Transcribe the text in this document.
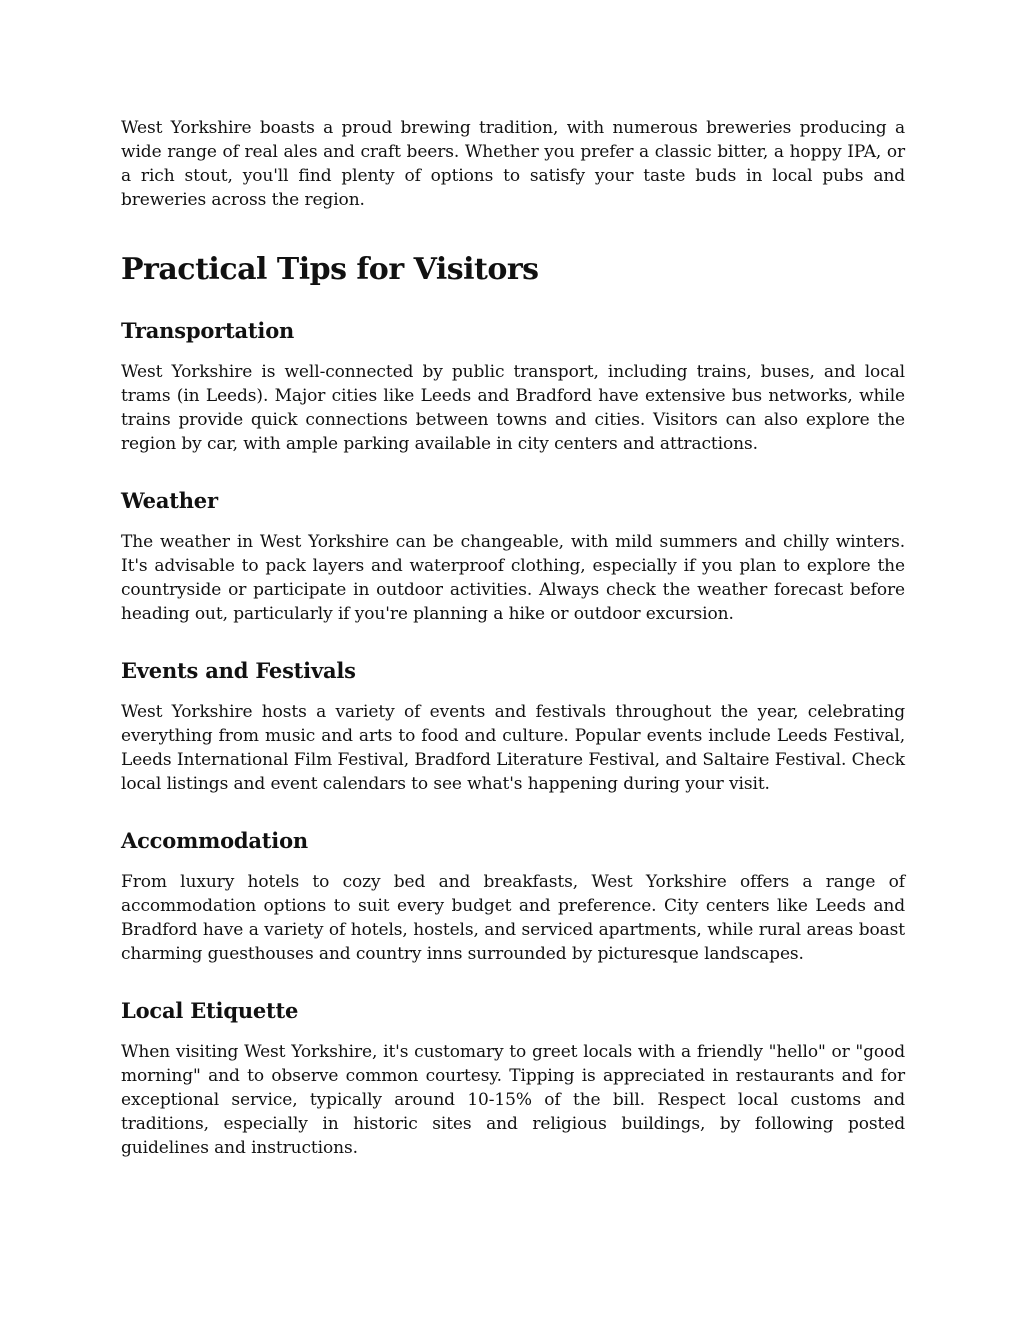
West Yorkshire boasts a proud brewing tradition, with numerous breweries producing a wide range of real ales and craft beers. Whether you prefer a classic bitter, a hoppy IPA, or a rich stout, you'll find plenty of options to satisfy your taste buds in local pubs and breweries across the region.

Practical Tips for Visitors
Transportation

West Yorkshire is well-connected by public transport, including trains, buses, and local trams (in Leeds). Major cities like Leeds and Bradford have extensive bus networks, while trains provide quick connections between towns and cities. Visitors can also explore the region by car, with ample parking available in city centers and attractions.

Weather

The weather in West Yorkshire can be changeable, with mild summers and chilly winters. It's advisable to pack layers and waterproof clothing, especially if you plan to explore the countryside or participate in outdoor activities. Always check the weather forecast before heading out, particularly if you're planning a hike or outdoor excursion.

Events and Festivals

West Yorkshire hosts a variety of events and festivals throughout the year, celebrating everything from music and arts to food and culture. Popular events include Leeds Festival, Leeds International Film Festival, Bradford Literature Festival, and Saltaire Festival. Check local listings and event calendars to see what's happening during your visit.

Accommodation

From luxury hotels to cozy bed and breakfasts, West Yorkshire offers a range of accommodation options to suit every budget and preference. City centers like Leeds and Bradford have a variety of hotels, hostels, and serviced apartments, while rural areas boast charming guesthouses and country inns surrounded by picturesque landscapes.

Local Etiquette

When visiting West Yorkshire, it's customary to greet locals with a friendly "hello" or "good morning" and to observe common courtesy. Tipping is appreciated in restaurants and for exceptional service, typically around 10-15% of the bill. Respect local customs and traditions, especially in historic sites and religious buildings, by following posted guidelines and instructions.
